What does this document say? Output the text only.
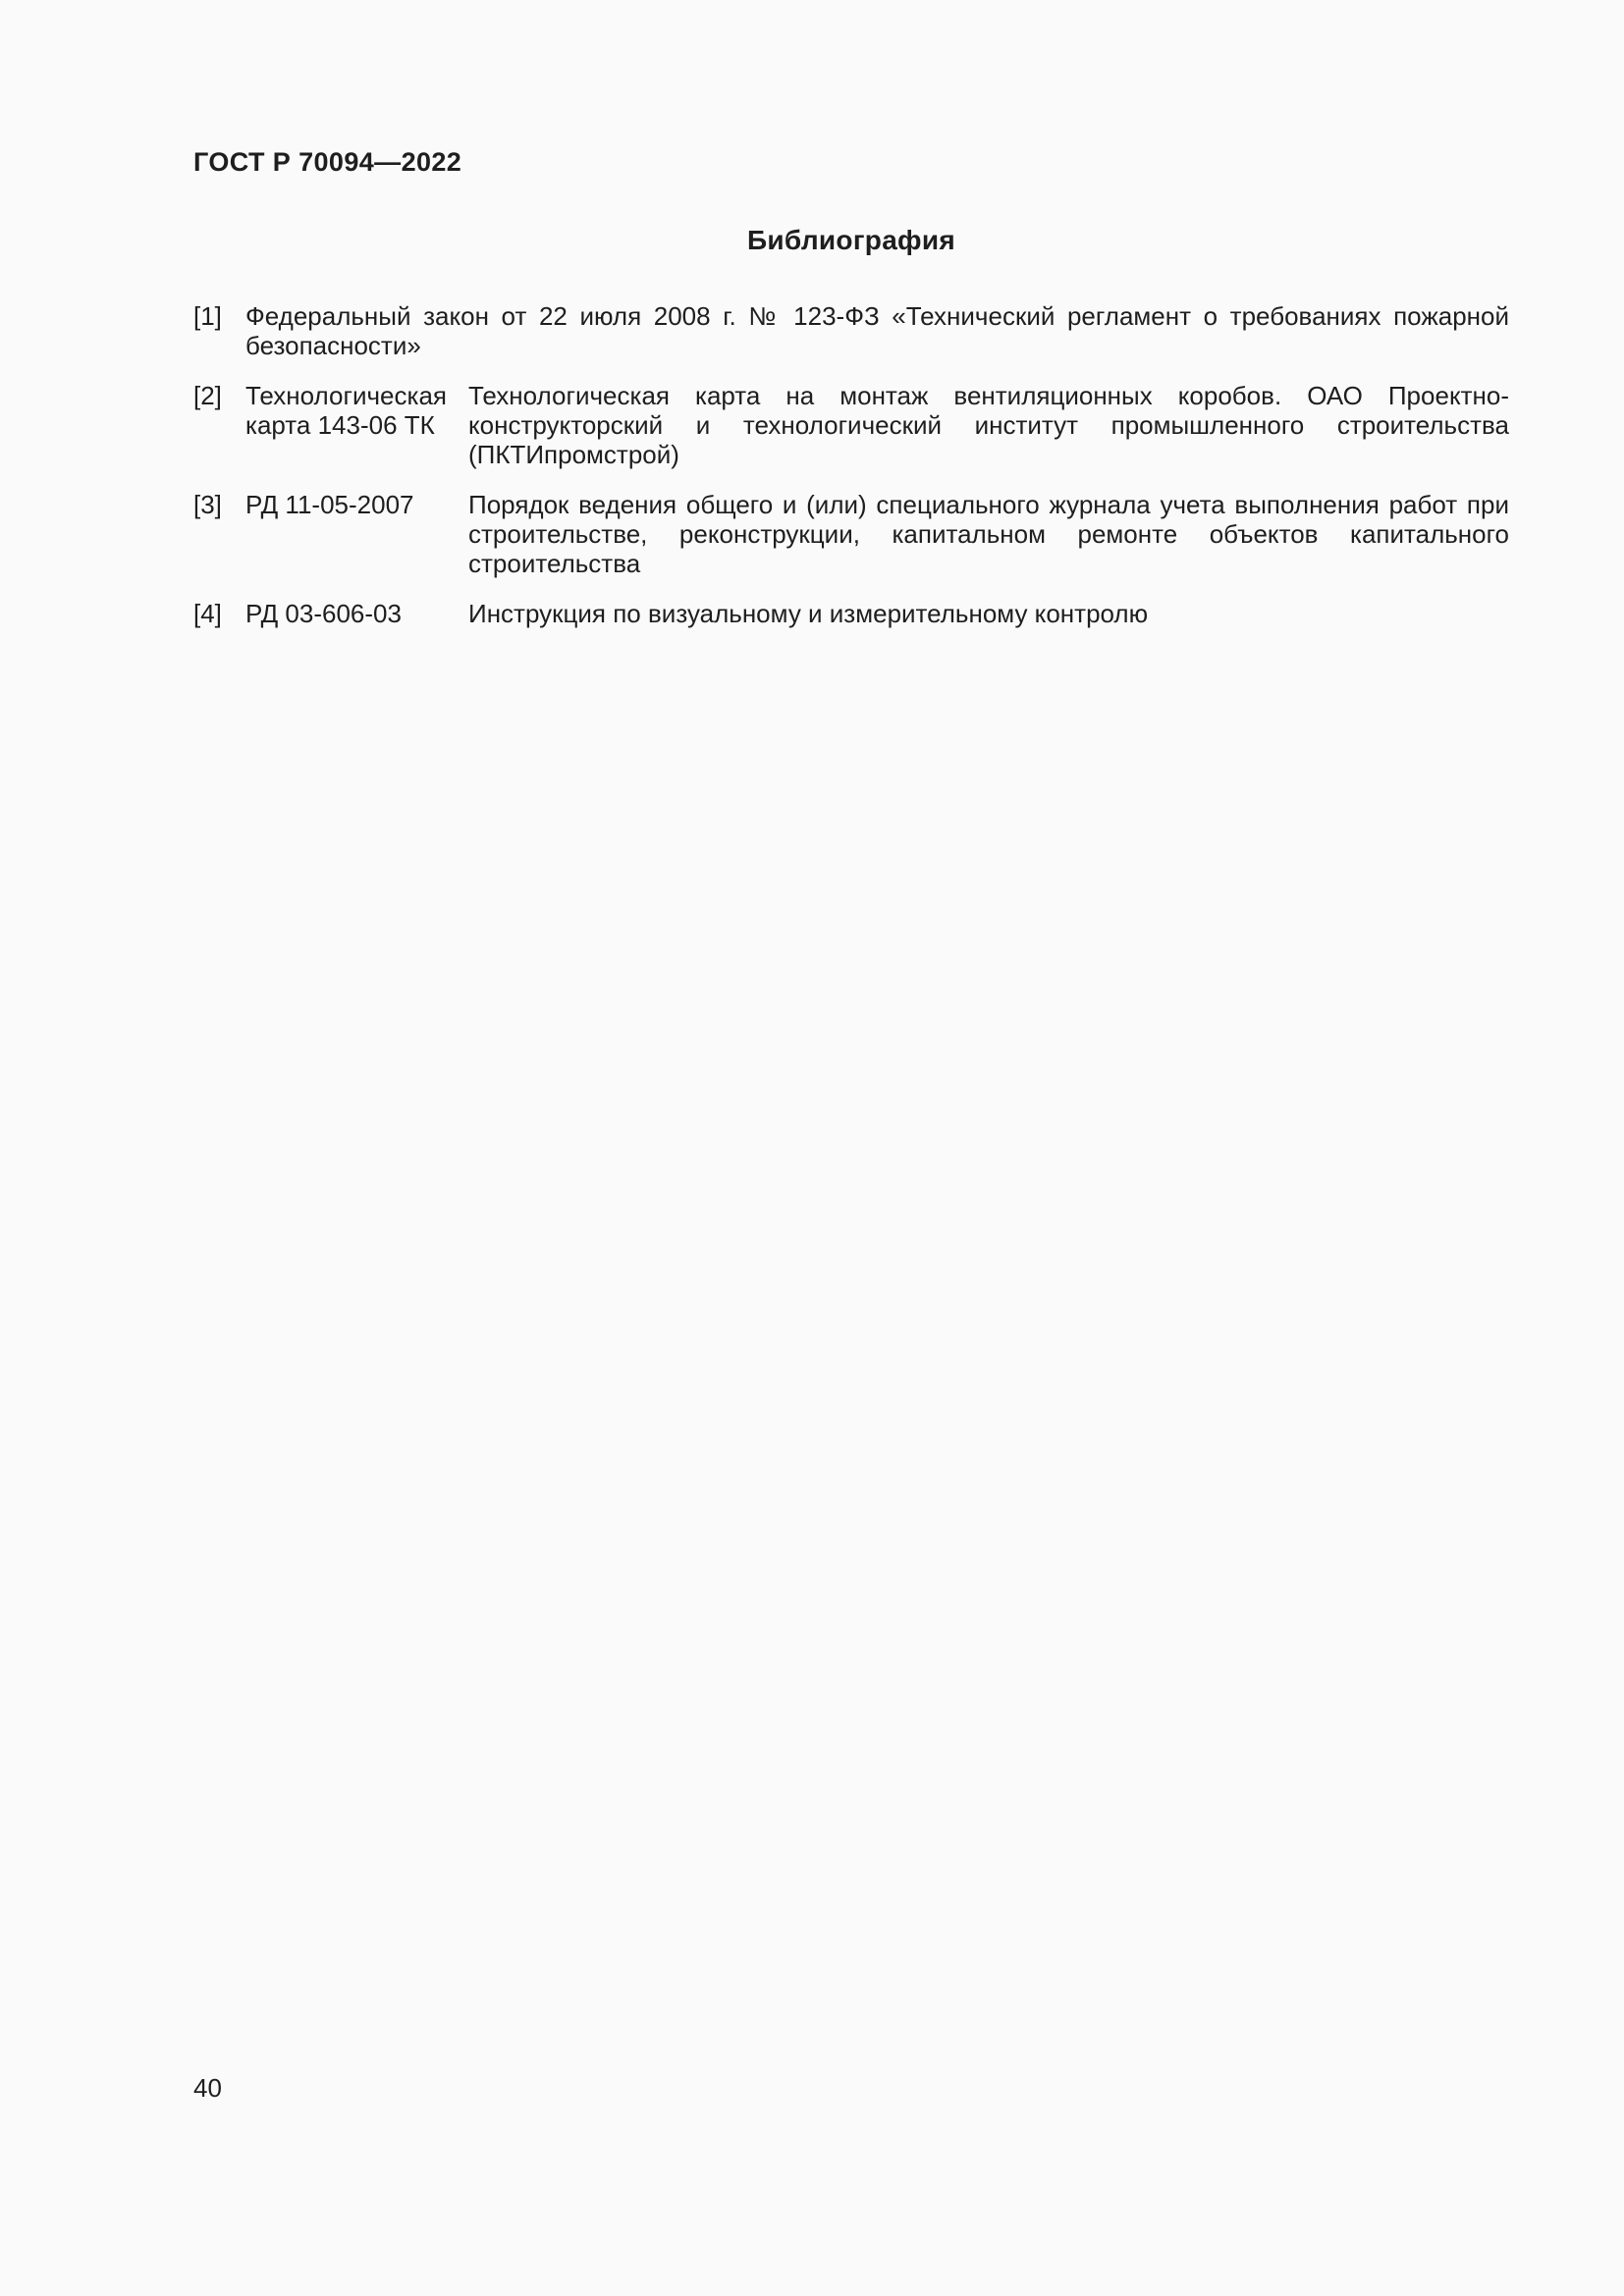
ГОСТ Р 70094—2022
Библиография
[1] Федеральный закон от 22 июля 2008 г. № 123-ФЗ «Технический регламент о требованиях пожарной безопасности»
[2] Технологическая карта 143-06 ТК
Технологическая карта на монтаж вентиляционных коробов. ОАО Проектно-конструкторский и технологический институт промышленного строительства (ПКТИпромстрой)
[3] РД 11-05-2007	Порядок ведения общего и (или) специального журнала учета выполнения работ при строительстве, реконструкции, капитальном ремонте объектов капитального строительства
[4] РД 03-606-03	Инструкция по визуальному и измерительному контролю
40
